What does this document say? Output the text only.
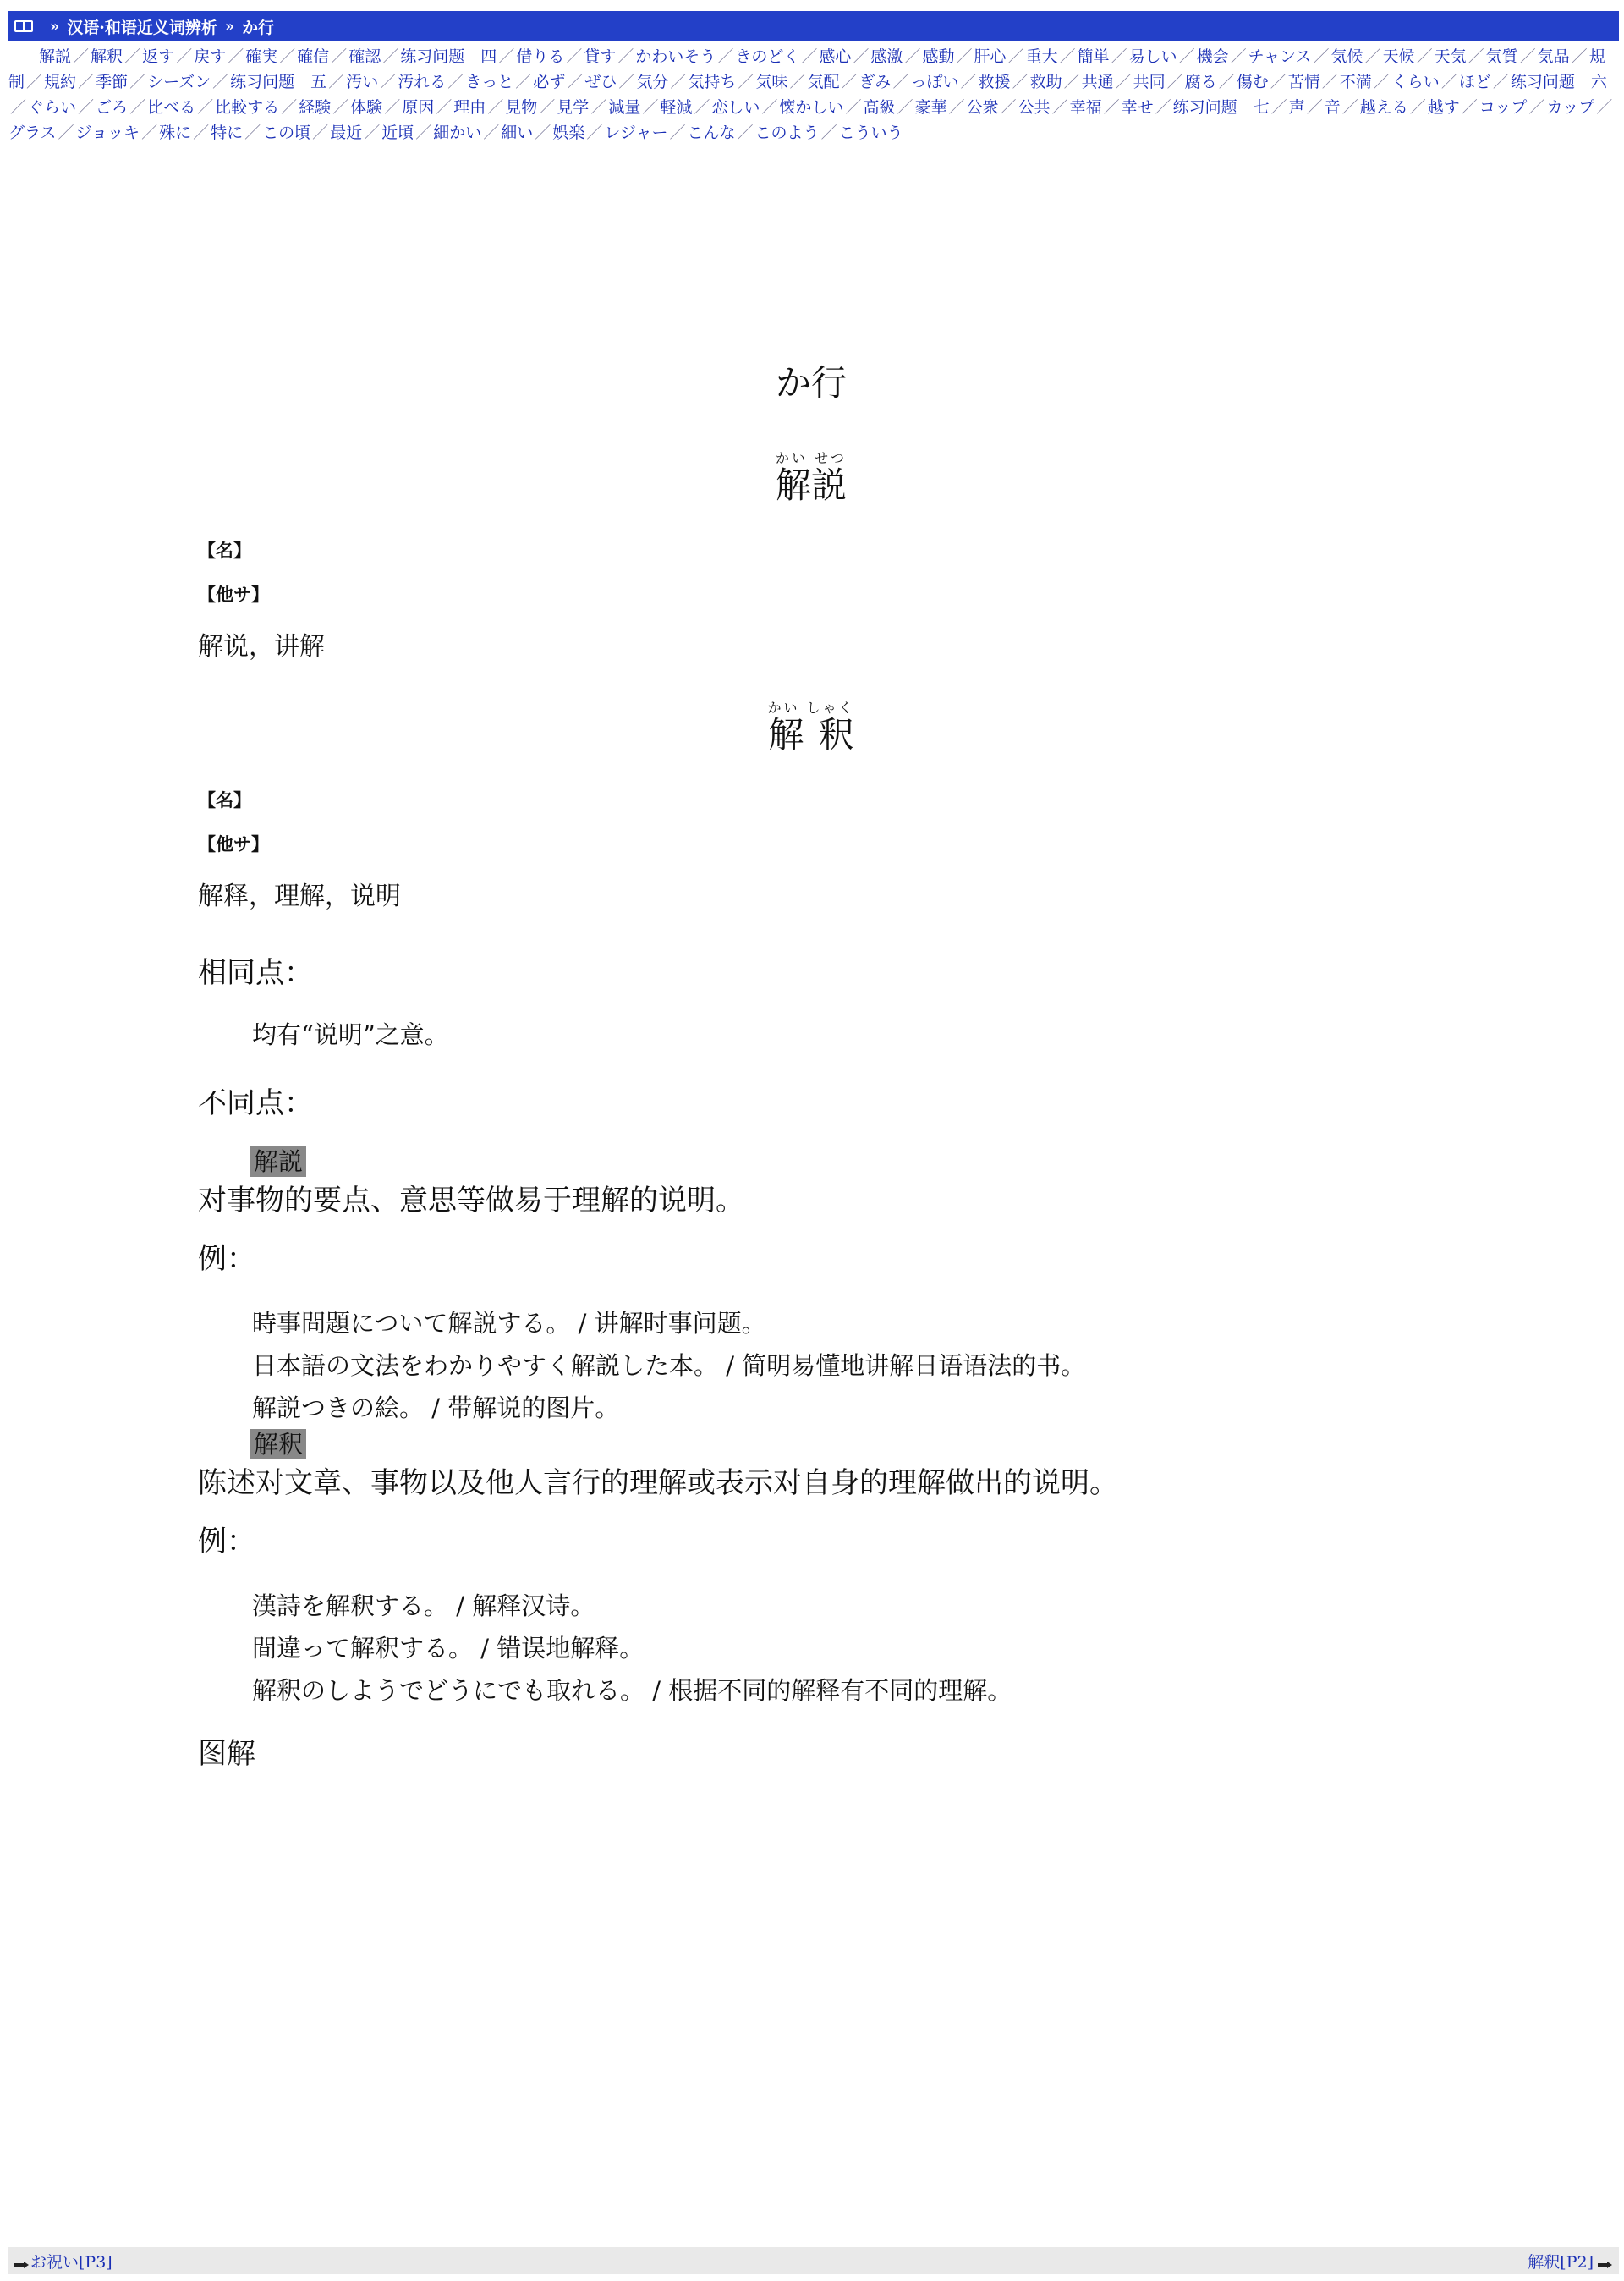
» 汉语·和语近义词辨析 » か行
解説 ／ 解釈 ／ 返す ／ 戻す ／ 確実 ／ 確信 ／ 確認 ／ 练习问题　四 ／ 借りる ／ 貸す ／ かわいそう ／ きのどく ／ 感心 ／ 感激 ／ 感動 ／ 肝心 ／ 重大 ／ 簡単 ／ 易しい ／ 機会 ／ チャンス ／ 気候 ／ 天候 ／ 天気 ／ 気質 ／ 気品 ／ 規制 ／ 規約 ／ 季節 ／ シーズン ／ 练习问题　五 ／ 汚い ／ 汚れる ／ きっと ／ 必ず ／ ぜひ ／ 気分 ／ 気持ち ／ 気味 ／ 気配 ／ ぎみ ／ っぽい ／ 救援 ／ 救助 ／ 共通 ／ 共同 ／ 腐る ／ 傷む ／ 苦情 ／ 不満 ／ くらい ／ ほど ／ 练习问题　六／ ぐらい ／ ごろ ／ 比べる ／ 比較する ／ 経験 ／ 体験 ／ 原因 ／ 理由 ／ 見物 ／ 見学 ／ 減量 ／ 軽減 ／ 恋しい ／ 懐かしい ／ 高級 ／ 豪華 ／ 公衆 ／ 公共 ／ 幸福 ／ 幸せ ／ 练习问题　七 ／ 声 ／ 音 ／ 越える ／ 越す ／ コップ ／ カップ ／グラス ／ ジョッキ ／ 殊に ／ 特に ／ この頃 ／ 最近 ／ 近頃 ／ 細かい ／ 細い ／ 娯楽 ／ レジャー ／ こんな ／ このよう ／ こういう
か行
解説かい せつ
【名】
【他サ】
解说，讲解
解 釈かい しゃく
【名】
【他サ】
解释，理解，说明
相同点：
均有“说明”之意。
不同点：
解説
对事物的要点、意思等做易于理解的说明。
例：
時事問題について解説する。 / 讲解时事问题。
日本語の文法をわかりやすく解説した本。 / 简明易懂地讲解日语语法的书。
解説つきの絵。 / 带解说的图片。
解釈
陈述对文章、事物以及他人言行的理解或表示对自身的理解做出的说明。
例：
漢詩を解釈する。 / 解释汉诗。
間違って解釈する。 / 错误地解释。
解釈のしようでどうにでも取れる。 / 根据不同的解释有不同的理解。
图解
お祝い[P3]	解釈[P2]
